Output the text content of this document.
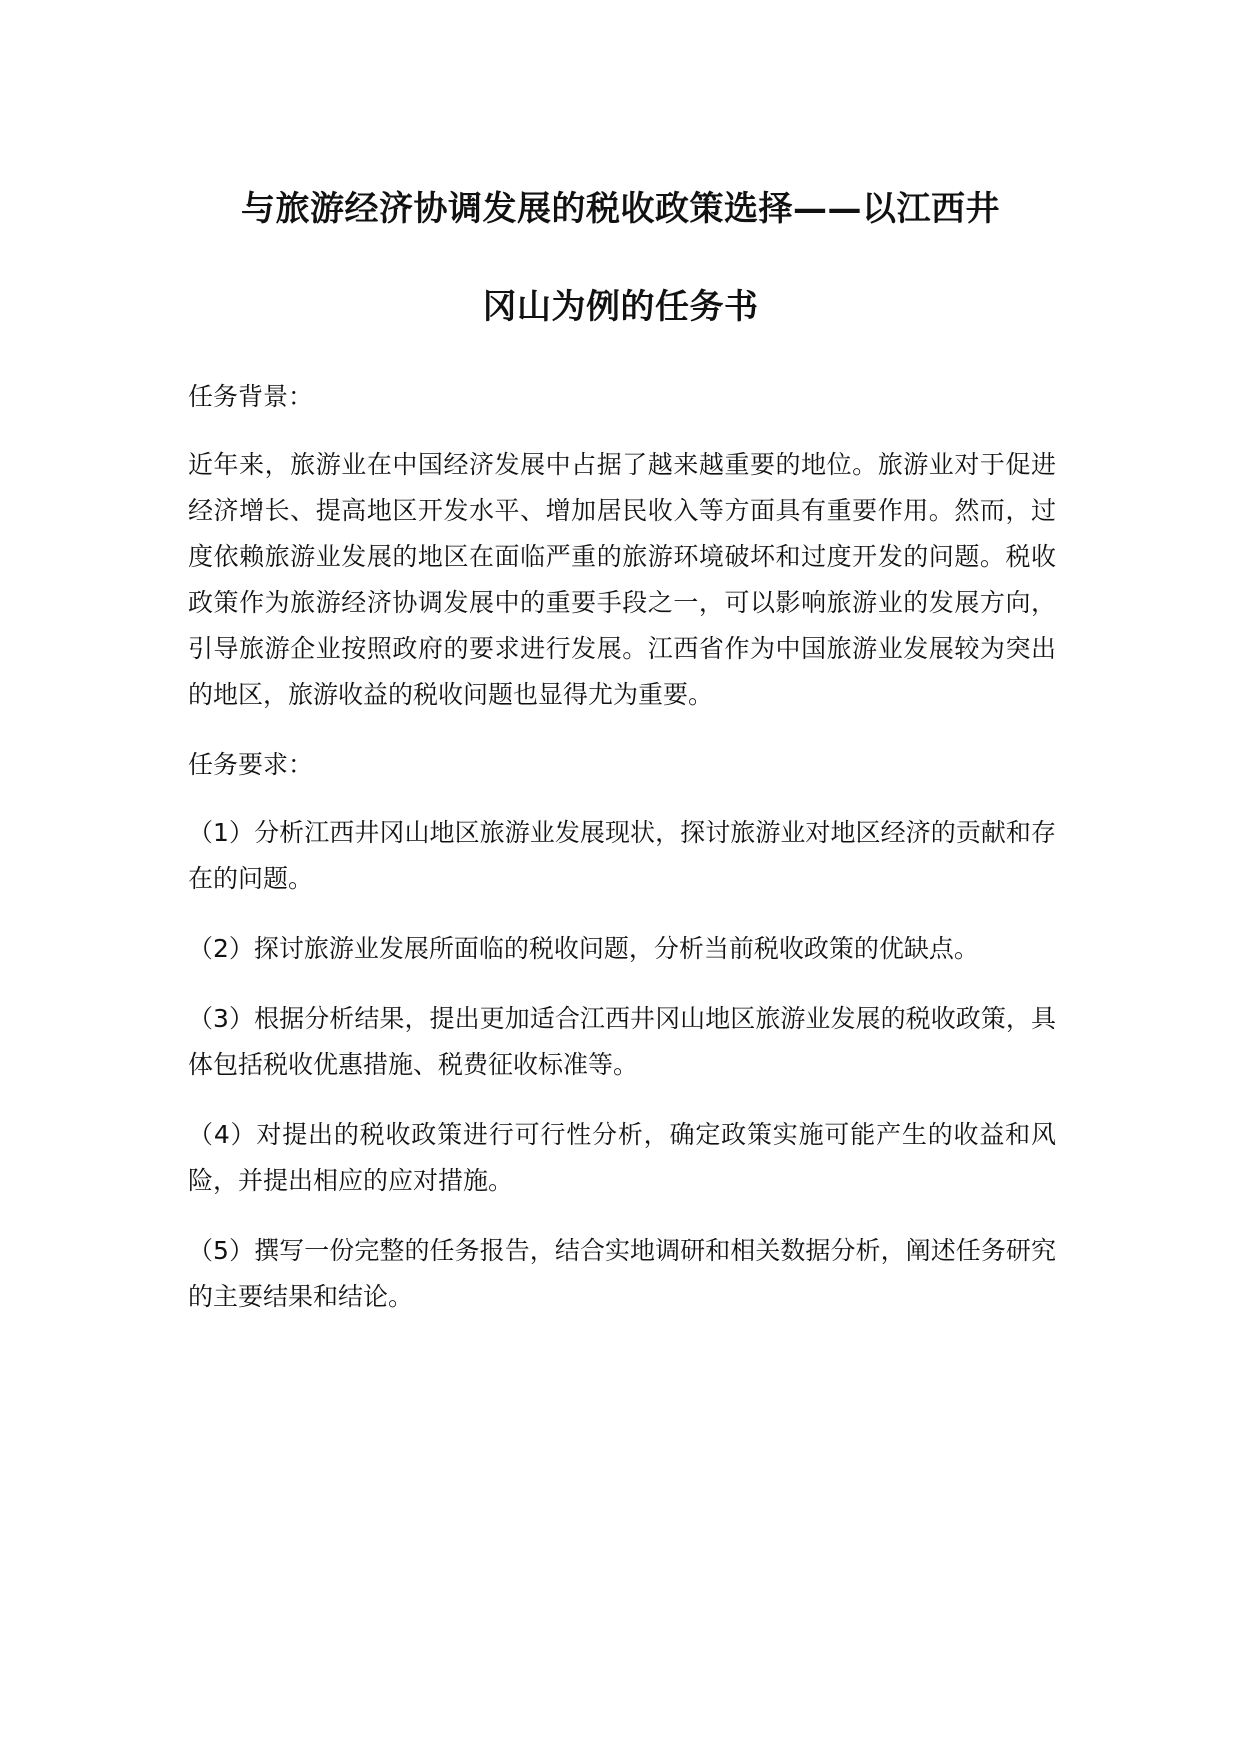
与旅游经济协调发展的税收政策选择——以江西井
冈山为例的任务书

任务背景：

近年来，旅游业在中国经济发展中占据了越来越重要的地位。旅游业对于促进经济增长、提高地区开发水平、增加居民收入等方面具有重要作用。然而，过度依赖旅游业发展的地区在面临严重的旅游环境破坏和过度开发的问题。税收政策作为旅游经济协调发展中的重要手段之一，可以影响旅游业的发展方向，引导旅游企业按照政府的要求进行发展。江西省作为中国旅游业发展较为突出的地区，旅游收益的税收问题也显得尤为重要。

任务要求：

（1）分析江西井冈山地区旅游业发展现状，探讨旅游业对地区经济的贡献和存在的问题。

（2）探讨旅游业发展所面临的税收问题，分析当前税收政策的优缺点。

（3）根据分析结果，提出更加适合江西井冈山地区旅游业发展的税收政策，具体包括税收优惠措施、税费征收标准等。

（4）对提出的税收政策进行可行性分析，确定政策实施可能产生的收益和风险，并提出相应的应对措施。

（5）撰写一份完整的任务报告，结合实地调研和相关数据分析，阐述任务研究的主要结果和结论。
